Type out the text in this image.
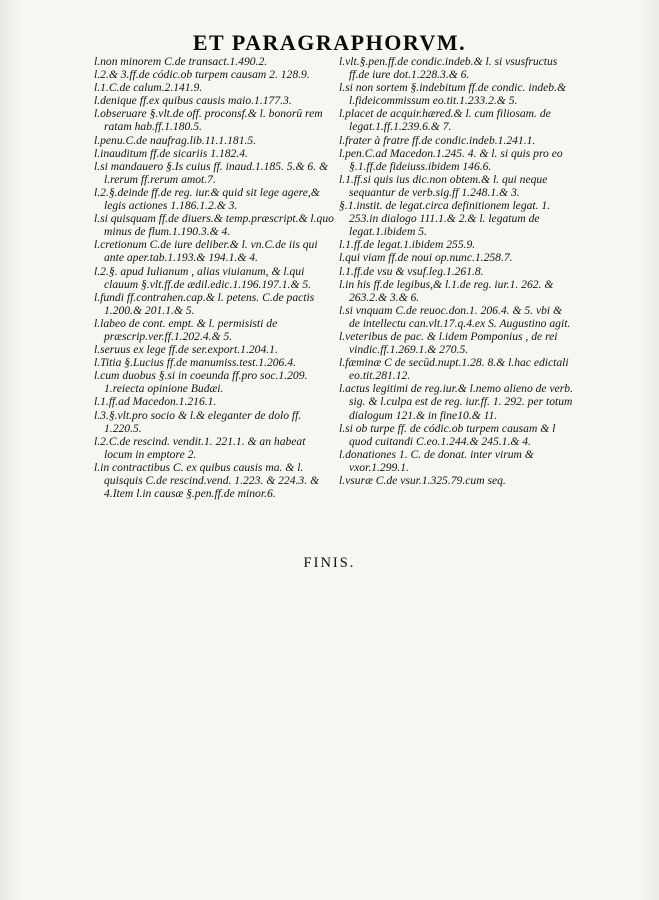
ET PARAGRAPHORVM.

l.non minorem C.de transact.1.490.2.

l.2.& 3.ff.de códic.ob turpem causam 2. 128.9.

l.1.C.de calum.2.141.9.

l.denique ff.ex quibus causis maio.1.177.3.

l.obseruare §.vlt.de off. proconsf.& l. bonorū rem ratam hab.ff.1.180.5.

l.penu.C.de naufrag.lib.11.1.181.5.

l.inauditum ff.de sicariis 1.182.4.

l.si mandauero §.Is cuius ff. inaud.1.185. 5.& 6. & l.rerum ff.rerum amot.7.

l.2.§.deinde ff.de reg. iur.& quid sit lege agere,& legis actiones 1.186.1.2.& 3.

l.si quisquam ff.de diuers.& temp.præscript.& l.quo minus de flum.1.190.3.& 4.

l.cretionum C.de iure deliber.& l. vn.C.de iis qui ante aper.tab.1.193.& 194.1.& 4.

l.2.§. apud Iulianum , alias viuianum, & l.qui clauum §.vlt.ff.de ædil.edic.1.196.197.1.& 5.

l.fundi ff.contrahen.cap.& l. petens. C.de pactis 1.200.& 201.1.& 5.

l.labeo de cont. empt. & l. permisisti de præscrip.ver.ff.1.202.4.& 5.

l.seruus ex lege ff.de ser.export.1.204.1.

l.Titia §.Lucius ff.de manumiss.test.1.206.4.

l.cum duobus §.si in coeunda ff.pro soc.1.209. 1.reiecta opinione Budæi.

l.1.ff.ad Macedon.1.216.1.

l.3.§.vlt.pro socio & l.& eleganter de dolo ff. 1.220.5.

l.2.C.de rescind. vendit.1. 221.1. & an habeat locum in emptore 2.

l.in contractibus C. ex quibus causis ma. & l. quisquis C.de rescind.vend. 1.223. & 224.3. & 4.Item l.in causæ §.pen.ff.de minor.6.

l.vlt.§.pen.ff.de condic.indeb.& l. si vsusfructus ff.de iure dot.1.228.3.& 6.

l.si non sortem §.indebitum ff.de condic. indeb.& l.fideicommissum eo.tit.1.233.2.& 5.

l.placet de acquir.hæred.& l. cum filiosam. de legat.1.ff.1.239.6.& 7.

l.frater à fratre ff.de condic.indeb.1.241.1.

l.pen.C.ad Macedon.1.245. 4. & l. si quis pro eo §.1.ff.de fideiuss.ibidem 146.6.

l.1.ff.si quis ius dic.non obtem.& l. qui neque sequantur de verb.sig.ff 1.248.1.& 3.

§.1.instit. de legat.circa definitionem legat. 1. 253.in dialogo 111.1.& 2.& l. legatum de legat.1.ibidem 5.

l.1.ff.de legat.1.ibidem 255.9.

l.qui viam ff.de noui op.nunc.1.258.7.

l.1.ff.de vsu & vsuf.leg.1.261.8.

l.in his ff.de legibus,& l.1.de reg. iur.1. 262. & 263.2.& 3.& 6.

l.si vnquam C.de reuoc.don.1. 206.4. & 5. vbi & de intellectu can.vlt.17.q.4.ex S. Augustino agit.

l.veteribus de pac. & l.idem Pomponius , de rei vindic.ff.1.269.1.& 270.5.

l.fæminæ C de secūd.nupt.1.28. 8.& l.hac edictali eo.tit.281.12.

l.actus legitimi de reg.iur.& l.nemo alieno de verb. sig. & l.culpa est de reg. iur.ff. 1. 292. per totum dialogum 121.& in fine10.& 11.

l.si ob turpe ff. de códic.ob turpem causam & l quod cuitandi C.eo.1.244.& 245.1.& 4.

l.donationes 1. C. de donat. inter virum & vxor.1.299.1.

l.vsuræ C.de vsur.1.325.79.cum seq.

FINIS.
